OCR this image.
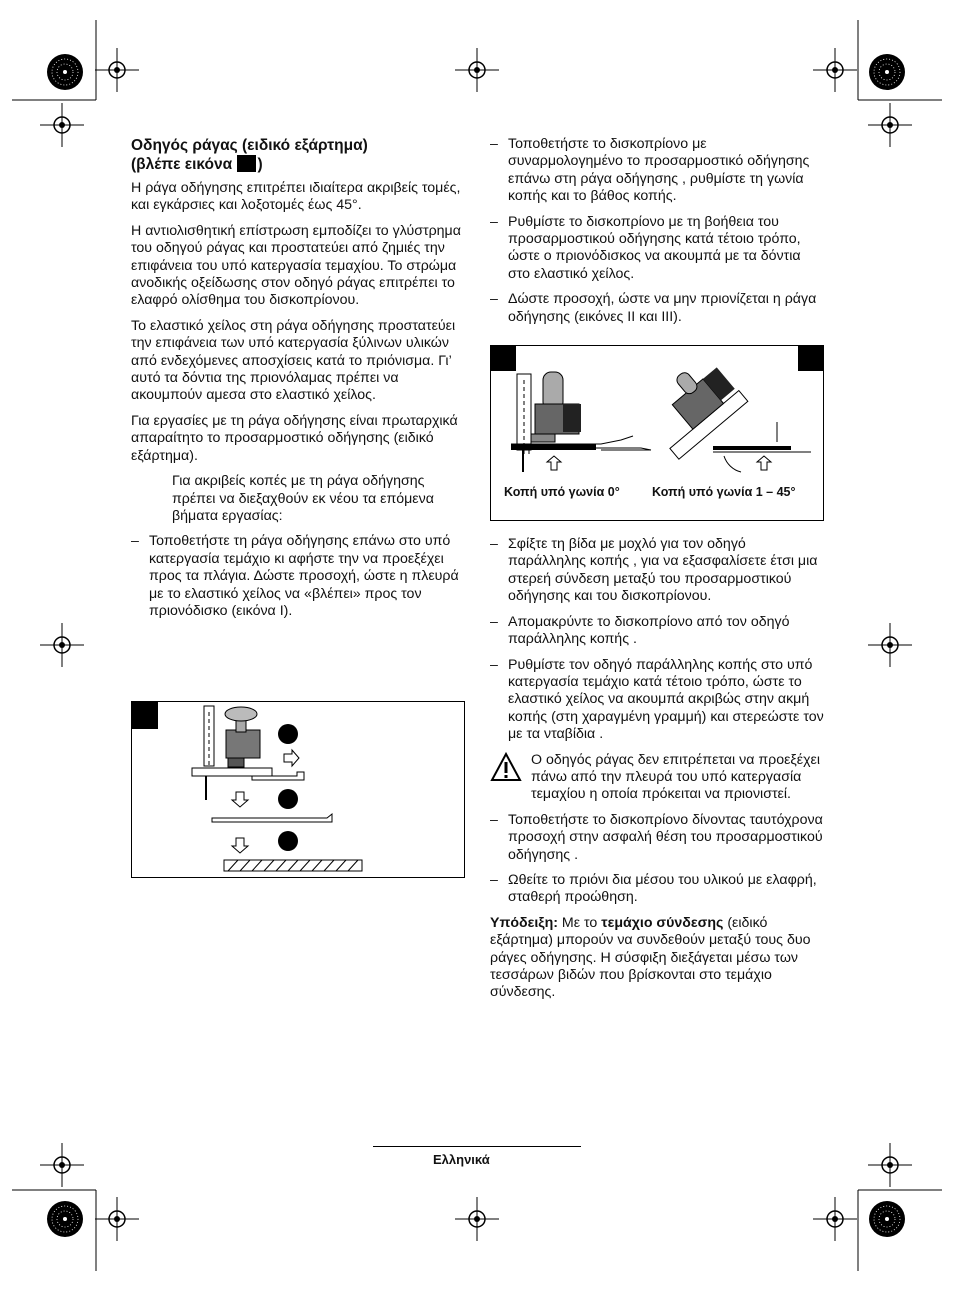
Οδηγός ράγας (ειδικό εξάρτημα)
(βλέπε εικόνα )

Η ράγα οδήγησης επιτρέπει ιδιαίτερα ακριβείς τομές, και εγκάρσιες και λοξοτομές έως 45°.

Η αντιολισθητική επίστρωση εμποδίζει το γλύστρημα του οδηγού ράγας και προστατεύει από ζημιές την επιφάνεια του υπό κατεργασία τεμαχίου. Το στρώμα ανοδικής οξείδωσης στον οδηγό ράγας επιτρέπει το ελαφρό ολίσθημα του δισκοπρίονου.

Το ελαστικό χείλος στη ράγα οδήγησης προστατεύει την επιφάνεια των υπό κατεργασία ξύλινων υλικών από ενδεχόμενες αποσχίσεις κατά το πριόνισμα. Γι’ αυτό τα δόντια της πριονόλαμας πρέπει να ακουμπούν αμεσα στο ελαστικό χείλος.

Για εργασίες με τη ράγα οδήγησης είναι πρωταρχικά απαραίτητο το προσαρμοστικό οδήγησης (ειδικό εξάρτημα).

Για ακριβείς κοπές με τη ράγα οδήγησης πρέπει να διεξαχθούν εκ νέου τα επόμενα βήματα εργασίας:

– Τοποθετήστε τη ράγα οδήγησης επάνω στο υπό κατεργασία τεμάχιο κι αφήστε την να προεξέχει προς τα πλάγια. Δώστε προσοχή, ώστε η πλευρά με το ελαστικό χείλος να «βλέπει» προς τον πριονόδισκο (εικόνα I).
– Τοποθετήστε το δισκοπρίονο με συναρμολογημένο το προσαρμοστικό οδήγησης επάνω στη ράγα οδήγησης , ρυθμίστε τη γωνία κοπής και το βάθος κοπής.
– Ρυθμίστε το δισκοπρίονο με τη βοήθεια του προσαρμοστικού οδήγησης κατά τέτοιο τρόπο, ώστε ο πριονόδισκος να ακουμπά με τα δόντια στο ελαστικό χείλος.
– Δώστε προσοχή, ώστε να μην πριονίζεται η ράγα οδήγησης (εικόνες II και III).
– Σφίξτε τη βίδα με μοχλό για τον οδηγό παράλληλης κοπής , για να εξασφαλίσετε έτσι μια στερεή σύνδεση μεταξύ του προσαρμοστικού οδήγησης και του δισκοπρίονου.
– Απομακρύντε το δισκοπρίονο από τον οδηγό παράλληλης κοπής .
– Ρυθμίστε τον οδηγό παράλληλης κοπής στο υπό κατεργασία τεμάχιο κατά τέτοιο τρόπο, ώστε το ελαστικό χείλος να ακουμπά ακριβώς στην ακμή κοπής (στη χαραγμένη γραμμή) και στερεώστε τον με τα νταβίδια .
Ο οδηγός ράγας δεν επιτρέπεται να προεξέχει πάνω από την πλευρά του υπό κατεργασία τεμαχίου η οποία πρόκειται να πριονιστεί.
– Τοποθετήστε το δισκοπρίονο δίνοντας ταυτόχρονα προσοχή στην ασφαλή θέση του προσαρμοστικού οδήγησης .
– Ωθείτε το πριόνι δια μέσου του υλικού με ελαφρή, σταθερή προώθηση.

Υπόδειξη: Με το τεμάχιο σύνδεσης (ειδικό εξάρτημα) μπορούν να συνδεθούν μεταξύ τους δυο ράγες οδήγησης. Η σύσφιξη διεξάγεται μέσω των τεσσάρων βιδών που βρίσκονται στο τεμάχιο σύνδεσης.

Κοπή υπό γωνία 0°	Κοπή υπό γωνία 1 – 45°
Ελληνικά
